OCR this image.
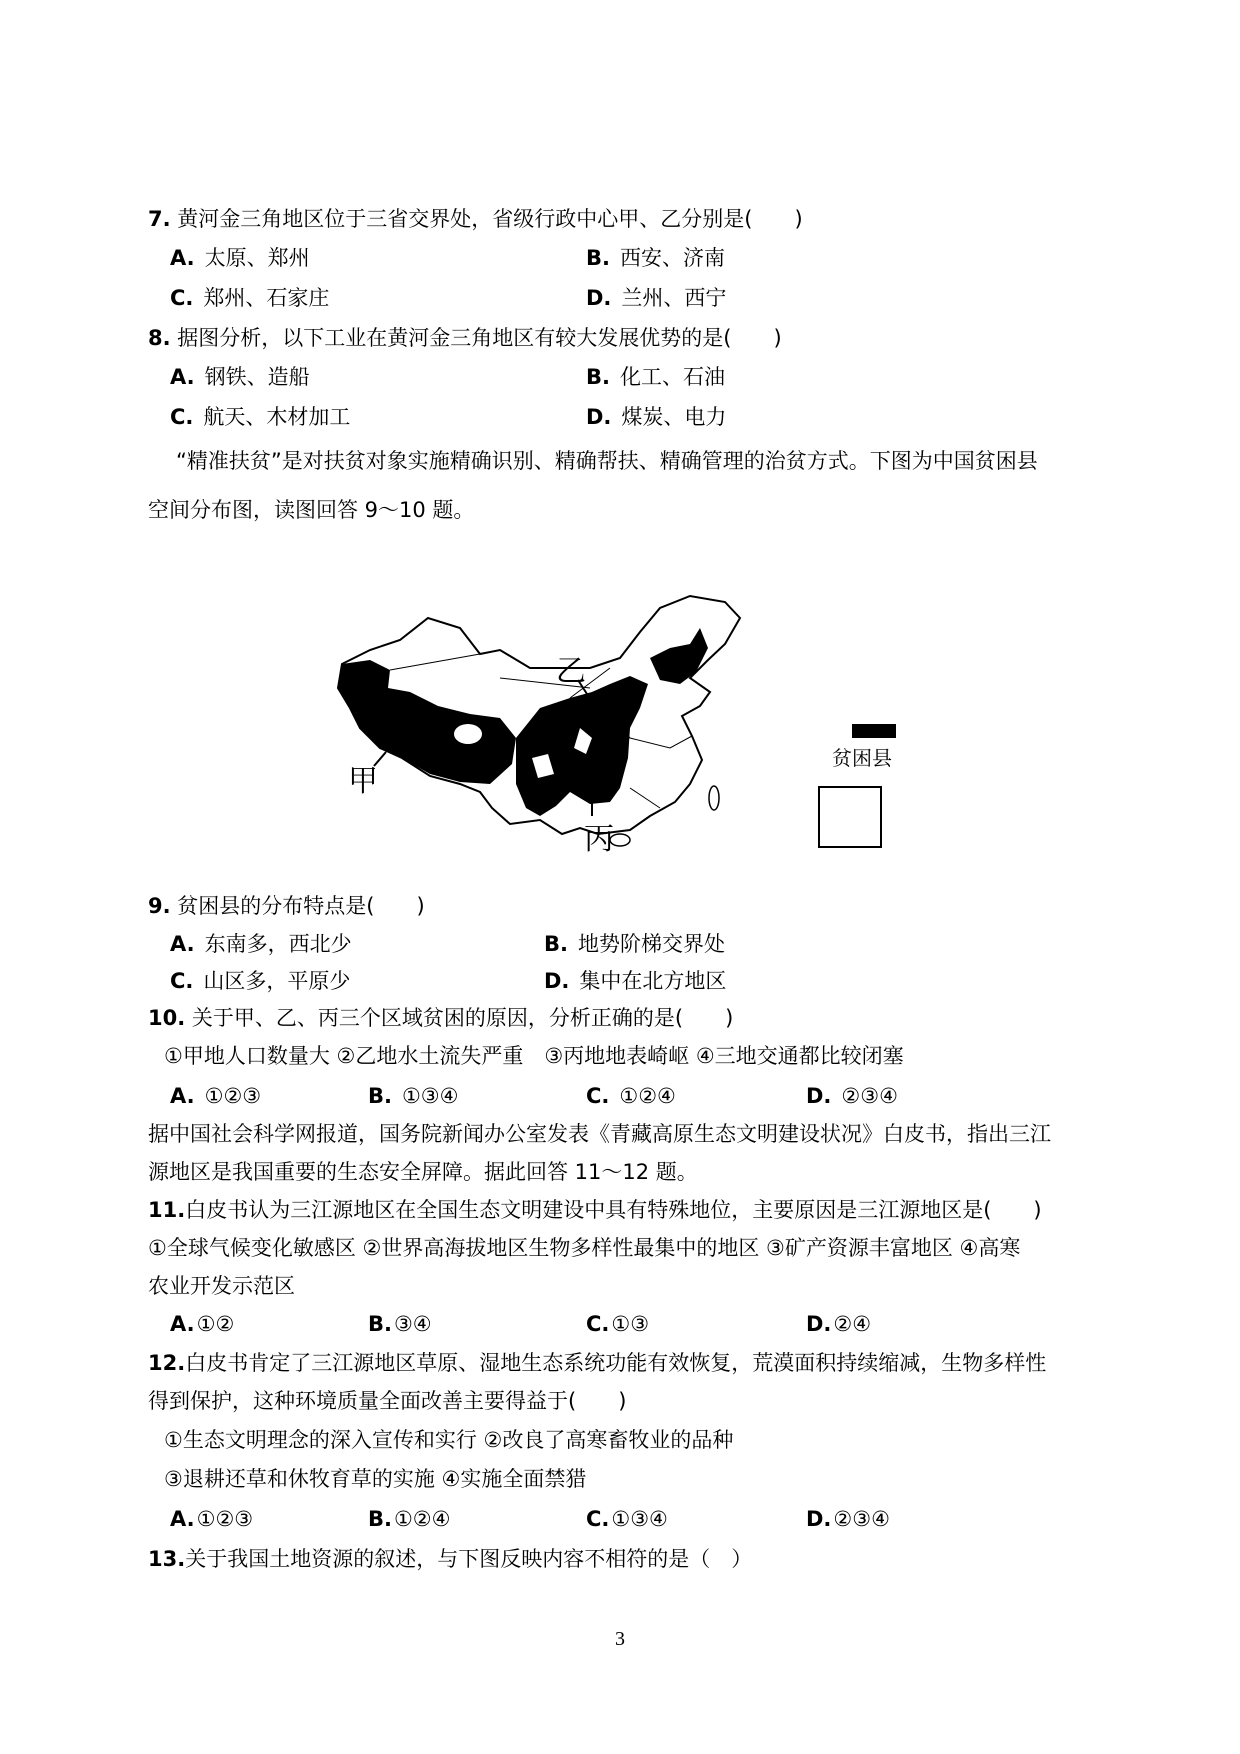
7. 黄河金三角地区位于三省交界处，省级行政中心甲、乙分别是(　　)
A. 太原、郑州	B. 西安、济南
C. 郑州、石家庄	D. 兰州、西宁
8. 据图分析，以下工业在黄河金三角地区有较大发展优势的是(　　)
A. 钢铁、造船	B. 化工、石油
C. 航天、木材加工	D. 煤炭、电力
“精准扶贫”是对扶贫对象实施精确识别、精确帮扶、精确管理的治贫方式。下图为中国贫困县
空间分布图，读图回答 9～10 题。
甲
乙
丙
贫困县
9. 贫困县的分布特点是(　　)
A. 东南多，西北少	B. 地势阶梯交界处
C. 山区多，平原少	D. 集中在北方地区
10. 关于甲、乙、丙三个区域贫困的原因，分析正确的是(　　)
①甲地人口数量大 ②乙地水土流失严重　③丙地地表崎岖 ④三地交通都比较闭塞
A. ①②③	B. ①③④	C. ①②④	D. ②③④
据中国社会科学网报道，国务院新闻办公室发表《青藏高原生态文明建设状况》白皮书，指出三江
源地区是我国重要的生态安全屏障。据此回答 11～12 题。
11.白皮书认为三江源地区在全国生态文明建设中具有特殊地位，主要原因是三江源地区是(　　)
①全球气候变化敏感区 ②世界高海拔地区生物多样性最集中的地区 ③矿产资源丰富地区 ④高寒
农业开发示范区
A.①②	B.③④	C.①③	D.②④
12.白皮书肯定了三江源地区草原、湿地生态系统功能有效恢复，荒漠面积持续缩减，生物多样性
得到保护，这种环境质量全面改善主要得益于(　　)
①生态文明理念的深入宣传和实行 ②改良了高寒畜牧业的品种
③退耕还草和休牧育草的实施 ④实施全面禁猎
A.①②③	B.①②④	C.①③④	D.②③④
13.关于我国土地资源的叙述，与下图反映内容不相符的是（　）
3
